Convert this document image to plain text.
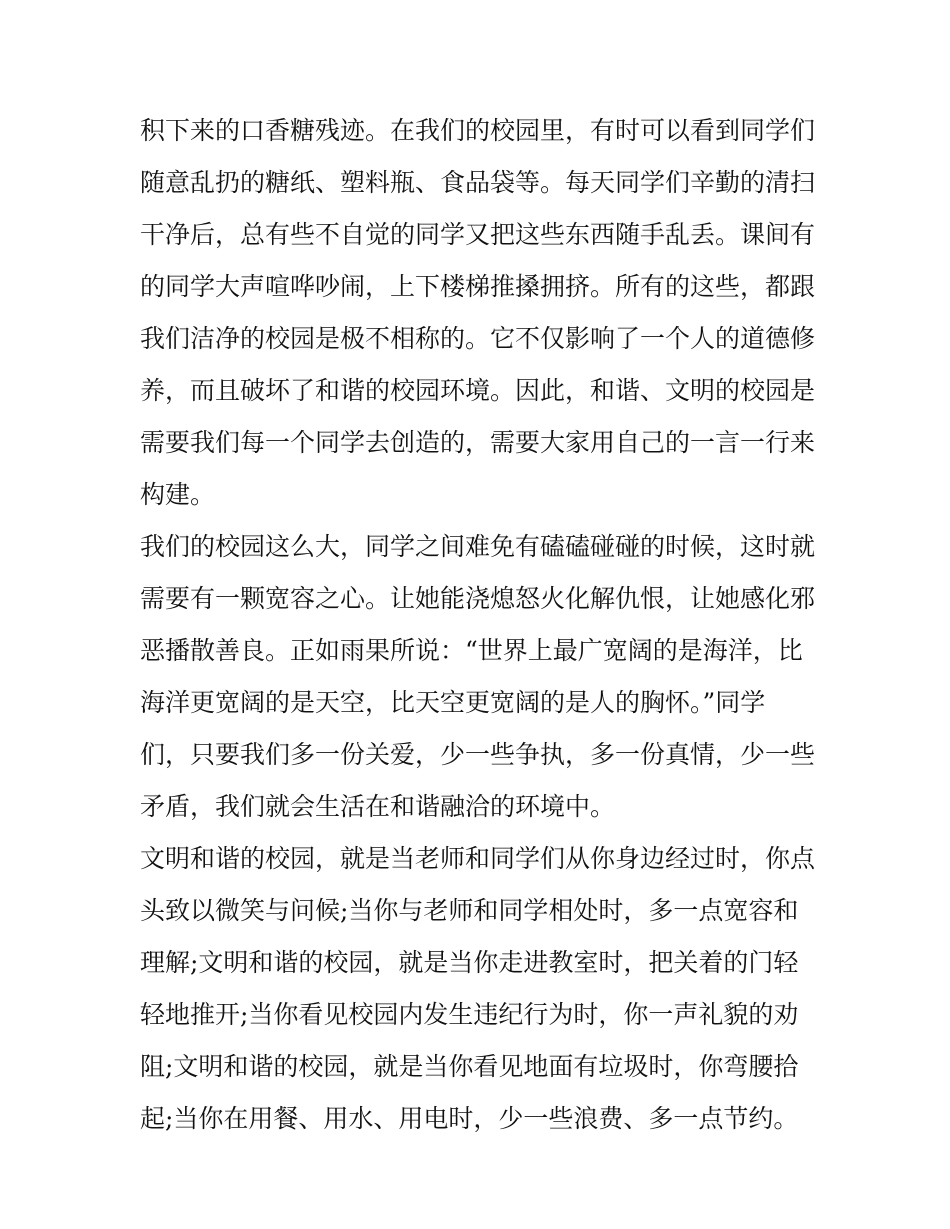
积下来的口香糖残迹。在我们的校园里，有时可以看到同学们
随意乱扔的糖纸、塑料瓶、食品袋等。每天同学们辛勤的清扫
干净后，总有些不自觉的同学又把这些东西随手乱丢。课间有
的同学大声喧哗吵闹，上下楼梯推搡拥挤。所有的这些，都跟
我们洁净的校园是极不相称的。它不仅影响了一个人的道德修
养，而且破坏了和谐的校园环境。因此，和谐、文明的校园是
需要我们每一个同学去创造的，需要大家用自己的一言一行来
构建。
我们的校园这么大，同学之间难免有磕磕碰碰的时候，这时就
需要有一颗宽容之心。让她能浇熄怒火化解仇恨，让她感化邪
恶播散善良。正如雨果所说：“世界上最广宽阔的是海洋，比
海洋更宽阔的是天空，比天空更宽阔的是人的胸怀。”同学
们，只要我们多一份关爱，少一些争执，多一份真情，少一些
矛盾，我们就会生活在和谐融洽的环境中。
文明和谐的校园，就是当老师和同学们从你身边经过时，你点
头致以微笑与问候;当你与老师和同学相处时，多一点宽容和
理解;文明和谐的校园，就是当你走进教室时，把关着的门轻
轻地推开;当你看见校园内发生违纪行为时，你一声礼貌的劝
阻;文明和谐的校园，就是当你看见地面有垃圾时，你弯腰拾
起;当你在用餐、用水、用电时，少一些浪费、多一点节约。
